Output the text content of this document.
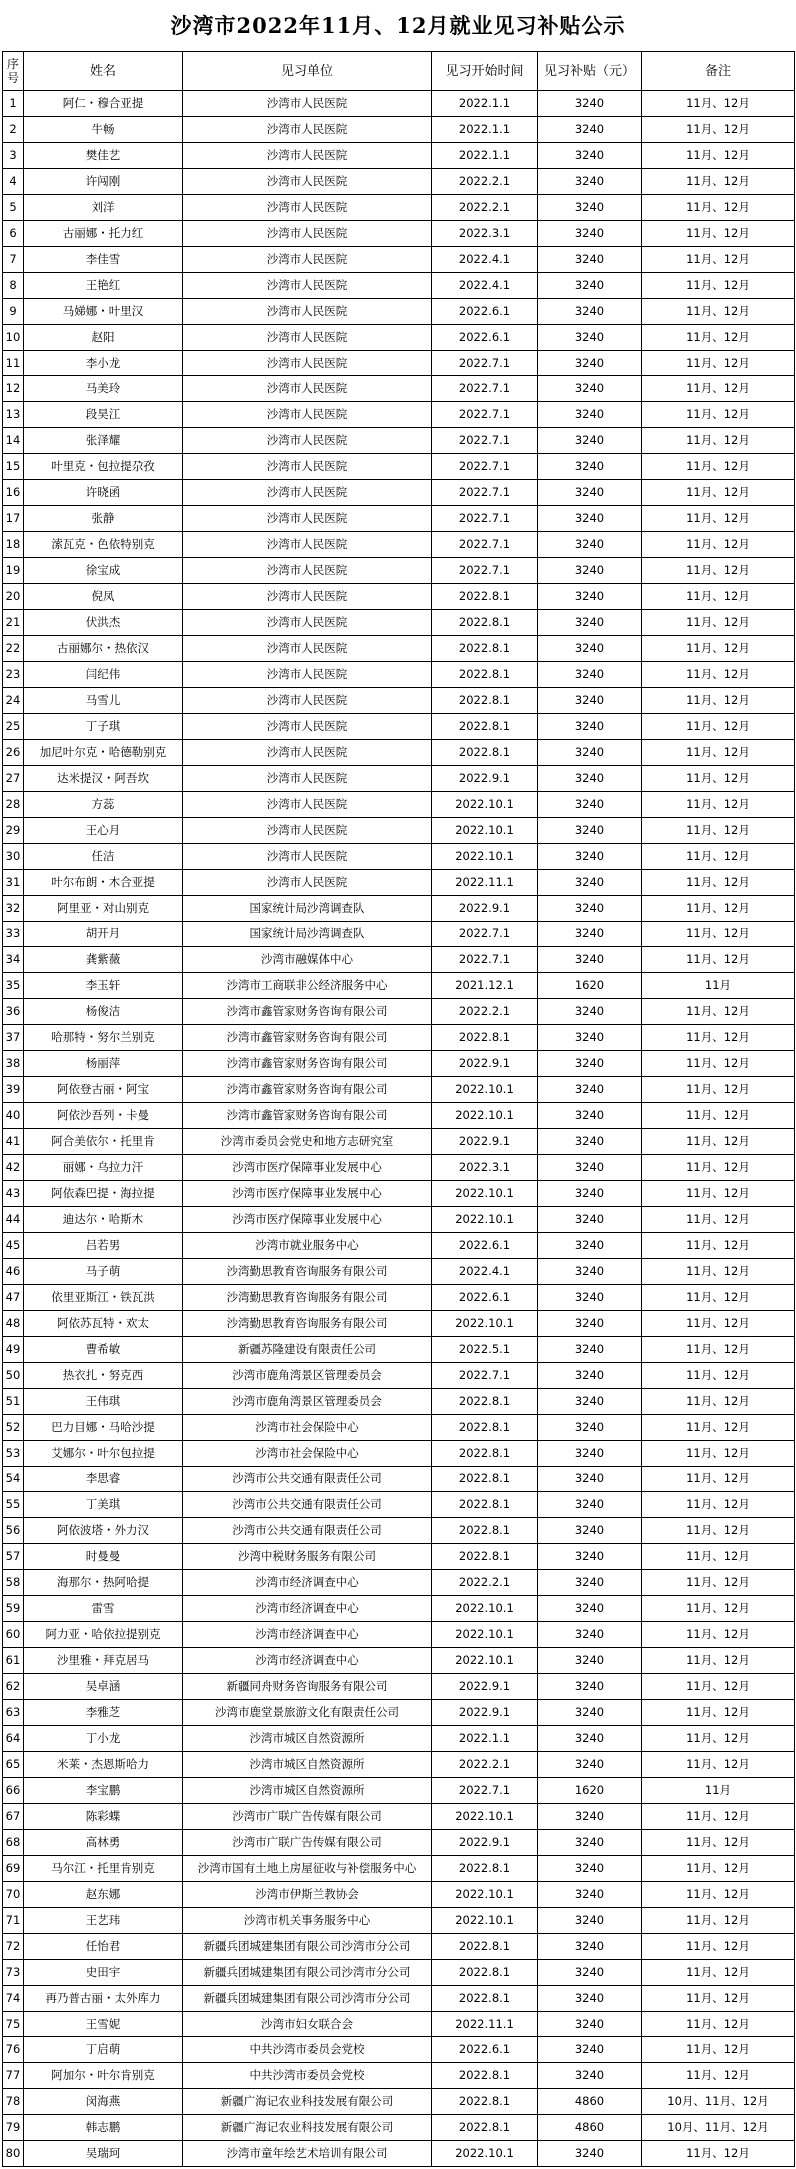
沙湾市2022年11月、12月就业见习补贴公示
序号	姓名	见习单位	见习开始时间	见习补贴（元）	备注
1	阿仁・穆合亚提	沙湾市人民医院	2022.1.1	3240	11月、12月
2	牛畅	沙湾市人民医院	2022.1.1	3240	11月、12月
3	樊佳艺	沙湾市人民医院	2022.1.1	3240	11月、12月
4	许闯刚	沙湾市人民医院	2022.2.1	3240	11月、12月
5	刘洋	沙湾市人民医院	2022.2.1	3240	11月、12月
6	古丽娜・托力红	沙湾市人民医院	2022.3.1	3240	11月、12月
7	李佳雪	沙湾市人民医院	2022.4.1	3240	11月、12月
8	王艳红	沙湾市人民医院	2022.4.1	3240	11月、12月
9	马娣娜・叶里汉	沙湾市人民医院	2022.6.1	3240	11月、12月
10	赵阳	沙湾市人民医院	2022.6.1	3240	11月、12月
11	李小龙	沙湾市人民医院	2022.7.1	3240	11月、12月
12	马美玲	沙湾市人民医院	2022.7.1	3240	11月、12月
13	段昊江	沙湾市人民医院	2022.7.1	3240	11月、12月
14	张泽耀	沙湾市人民医院	2022.7.1	3240	11月、12月
15	叶里克・包拉提尕孜	沙湾市人民医院	2022.7.1	3240	11月、12月
16	许晓函	沙湾市人民医院	2022.7.1	3240	11月、12月
17	张静	沙湾市人民医院	2022.7.1	3240	11月、12月
18	溹瓦克・色依特别克	沙湾市人民医院	2022.7.1	3240	11月、12月
19	徐宝成	沙湾市人民医院	2022.7.1	3240	11月、12月
20	倪凤	沙湾市人民医院	2022.8.1	3240	11月、12月
21	伏洪杰	沙湾市人民医院	2022.8.1	3240	11月、12月
22	古丽娜尔・热依汉	沙湾市人民医院	2022.8.1	3240	11月、12月
23	闫纪伟	沙湾市人民医院	2022.8.1	3240	11月、12月
24	马雪儿	沙湾市人民医院	2022.8.1	3240	11月、12月
25	丁子琪	沙湾市人民医院	2022.8.1	3240	11月、12月
26	加尼叶尔克・哈德勒别克	沙湾市人民医院	2022.8.1	3240	11月、12月
27	达米提汉・阿吾坎	沙湾市人民医院	2022.9.1	3240	11月、12月
28	方蕊	沙湾市人民医院	2022.10.1	3240	11月、12月
29	王心月	沙湾市人民医院	2022.10.1	3240	11月、12月
30	任洁	沙湾市人民医院	2022.10.1	3240	11月、12月
31	叶尔布朗・木合亚提	沙湾市人民医院	2022.11.1	3240	11月、12月
32	阿里亚・对山别克	国家统计局沙湾调查队	2022.9.1	3240	11月、12月
33	胡开月	国家统计局沙湾调查队	2022.7.1	3240	11月、12月
34	龚紫薇	沙湾市融媒体中心	2022.7.1	3240	11月、12月
35	李玉轩	沙湾市工商联非公经济服务中心	2021.12.1	1620	11月
36	杨俊洁	沙湾市鑫管家财务咨询有限公司	2022.2.1	3240	11月、12月
37	哈那特・努尔兰别克	沙湾市鑫管家财务咨询有限公司	2022.8.1	3240	11月、12月
38	杨丽萍	沙湾市鑫管家财务咨询有限公司	2022.9.1	3240	11月、12月
39	阿依登古丽・阿宝	沙湾市鑫管家财务咨询有限公司	2022.10.1	3240	11月、12月
40	阿依沙吾列・卡曼	沙湾市鑫管家财务咨询有限公司	2022.10.1	3240	11月、12月
41	阿合美依尔・托里肯	沙湾市委员会党史和地方志研究室	2022.9.1	3240	11月、12月
42	丽娜・乌拉力汗	沙湾市医疗保障事业发展中心	2022.3.1	3240	11月、12月
43	阿依森巴提・海拉提	沙湾市医疗保障事业发展中心	2022.10.1	3240	11月、12月
44	迪达尔・哈斯木	沙湾市医疗保障事业发展中心	2022.10.1	3240	11月、12月
45	吕若男	沙湾市就业服务中心	2022.6.1	3240	11月、12月
46	马子萌	沙湾勤思教育咨询服务有限公司	2022.4.1	3240	11月、12月
47	依里亚斯江・铁瓦洪	沙湾勤思教育咨询服务有限公司	2022.6.1	3240	11月、12月
48	阿依苏瓦特・欢太	沙湾勤思教育咨询服务有限公司	2022.10.1	3240	11月、12月
49	曹希敏	新疆苏隆建设有限责任公司	2022.5.1	3240	11月、12月
50	热衣扎・努克西	沙湾市鹿角湾景区管理委员会	2022.7.1	3240	11月、12月
51	王伟琪	沙湾市鹿角湾景区管理委员会	2022.8.1	3240	11月、12月
52	巴力目娜・马哈沙提	沙湾市社会保险中心	2022.8.1	3240	11月、12月
53	艾娜尔・叶尔包拉提	沙湾市社会保险中心	2022.8.1	3240	11月、12月
54	李思睿	沙湾市公共交通有限责任公司	2022.8.1	3240	11月、12月
55	丁美琪	沙湾市公共交通有限责任公司	2022.8.1	3240	11月、12月
56	阿依波塔・外力汉	沙湾市公共交通有限责任公司	2022.8.1	3240	11月、12月
57	时曼曼	沙湾中税财务服务有限公司	2022.8.1	3240	11月、12月
58	海那尔・热阿哈提	沙湾市经济调查中心	2022.2.1	3240	11月、12月
59	雷雪	沙湾市经济调查中心	2022.10.1	3240	11月、12月
60	阿力亚・哈依拉提别克	沙湾市经济调查中心	2022.10.1	3240	11月、12月
61	沙里雅・拜克居马	沙湾市经济调查中心	2022.10.1	3240	11月、12月
62	吴卓涵	新疆同舟财务咨询服务有限公司	2022.9.1	3240	11月、12月
63	李雅芝	沙湾市鹿堂景旅游文化有限责任公司	2022.9.1	3240	11月、12月
64	丁小龙	沙湾市城区自然资源所	2022.1.1	3240	11月、12月
65	米莱・杰恩斯哈力	沙湾市城区自然资源所	2022.2.1	3240	11月、12月
66	李宝鹏	沙湾市城区自然资源所	2022.7.1	1620	11月
67	陈彩蝶	沙湾市广联广告传媒有限公司	2022.10.1	3240	11月、12月
68	高林勇	沙湾市广联广告传媒有限公司	2022.9.1	3240	11月、12月
69	马尔江・托里肯别克	沙湾市国有土地上房屋征收与补偿服务中心	2022.8.1	3240	11月、12月
70	赵东娜	沙湾市伊斯兰教协会	2022.10.1	3240	11月、12月
71	王艺玮	沙湾市机关事务服务中心	2022.10.1	3240	11月、12月
72	任怡君	新疆兵团城建集团有限公司沙湾市分公司	2022.8.1	3240	11月、12月
73	史田宇	新疆兵团城建集团有限公司沙湾市分公司	2022.8.1	3240	11月、12月
74	再乃普古丽・太外库力	新疆兵团城建集团有限公司沙湾市分公司	2022.8.1	3240	11月、12月
75	王雪妮	沙湾市妇女联合会	2022.11.1	3240	11月、12月
76	丁启萌	中共沙湾市委员会党校	2022.6.1	3240	11月、12月
77	阿加尔・叶尔肯别克	中共沙湾市委员会党校	2022.8.1	3240	11月、12月
78	闵海燕	新疆广海记农业科技发展有限公司	2022.8.1	4860	10月、11月、12月
79	韩志鹏	新疆广海记农业科技发展有限公司	2022.8.1	4860	10月、11月、12月
80	吴瑞珂	沙湾市童年绘艺术培训有限公司	2022.10.1	3240	11月、12月
